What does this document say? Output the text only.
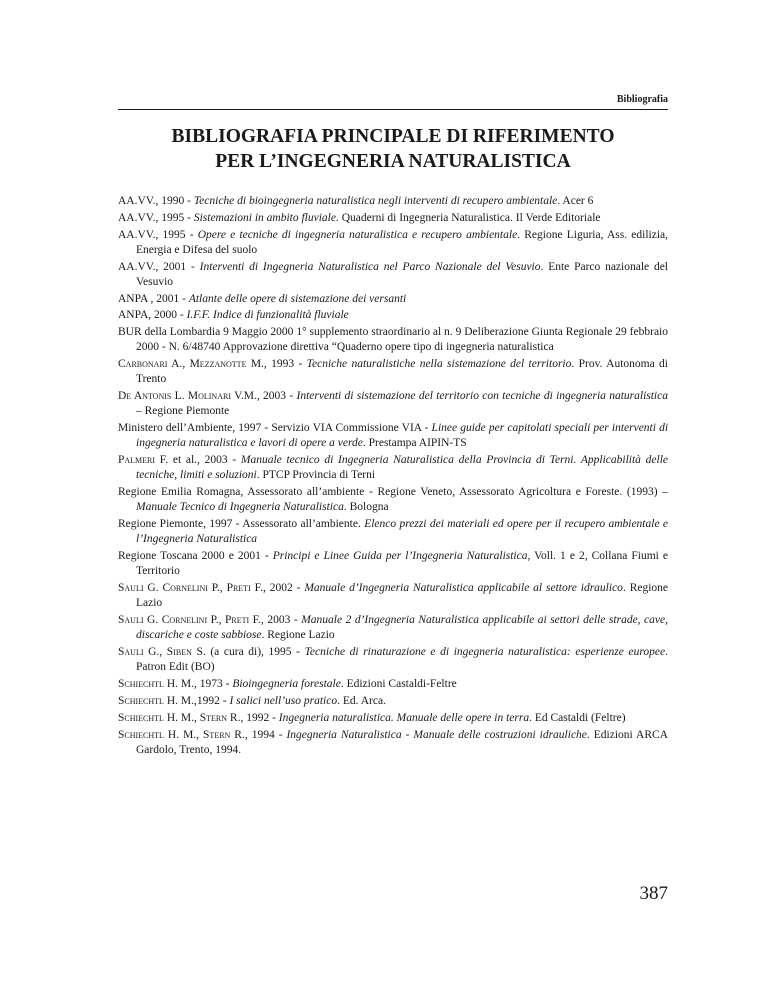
Bibliografia
BIBLIOGRAFIA PRINCIPALE DI RIFERIMENTO
PER L’INGEGNERIA NATURALISTICA

AA.VV., 1990 - Tecniche di bioingegneria naturalistica negli interventi di recupero ambientale. Acer 6

AA.VV., 1995 - Sistemazioni in ambito fluviale. Quaderni di Ingegneria Naturalistica. Il Verde Editoriale

AA.VV., 1995 - Opere e tecniche di ingegneria naturalistica e recupero ambientale. Regione Liguria, Ass. edilizia, Energia e Difesa del suolo

AA.VV., 2001 - Interventi di Ingegneria Naturalistica nel Parco Nazionale del Vesuvio. Ente Parco nazionale del Vesuvio

ANPA , 2001 - Atlante delle opere di sistemazione dei versanti

ANPA, 2000 - I.F.F. Indice di funzionalità fluviale

BUR della Lombardia 9 Maggio 2000 1° supplemento straordinario al n. 9 Deliberazione Giunta Regionale 29 febbraio 2000 - N. 6/48740 Approvazione direttiva “Quaderno opere tipo di ingegneria naturalistica

Carbonari A., Mezzanotte M., 1993 - Tecniche naturalistiche nella sistemazione del territorio. Prov. Autonoma di Trento

De Antonis L. Molinari V.M., 2003 - Interventi di sistemazione del territorio con tecniche di ingegneria naturalistica – Regione Piemonte

Ministero dell’Ambiente, 1997 - Servizio VIA Commissione VIA - Linee guide per capitolati speciali per interventi di ingegneria naturalistica e lavori di opere a verde. Prestampa AIPIN-TS

Palmeri F. et al., 2003 - Manuale tecnico di Ingegneria Naturalistica della Provincia di Terni. Applicabilità delle tecniche, limiti e soluzioni. PTCP Provincia di Terni

Regione Emilia Romagna, Assessorato all’ambiente - Regione Veneto, Assessorato Agricoltura e Foreste. (1993) – Manuale Tecnico di Ingegneria Naturalistica. Bologna

Regione Piemonte, 1997 - Assessorato all’ambiente. Elenco prezzi dei materiali ed opere per il recupero ambientale e l’Ingegneria Naturalistica

Regione Toscana 2000 e 2001 - Principi e Linee Guida per l’Ingegneria Naturalistica, Voll. 1 e 2, Collana Fiumi e Territorio

Sauli G. Cornelini P., Preti F., 2002 - Manuale d’Ingegneria Naturalistica applicabile al settore idraulico. Regione Lazio

Sauli G. Cornelini P., Preti F., 2003 - Manuale 2 d’Ingegneria Naturalistica applicabile ai settori delle strade, cave, discariche e coste sabbiose. Regione Lazio

Sauli G., Siben S. (a cura di), 1995 - Tecniche di rinaturazione e di ingegneria naturalistica: esperienze europee. Patron Edit (BO)

Schiechtl H. M., 1973 - Bioingegneria forestale. Edizioni Castaldi-Feltre

Schiechtl H. M.,1992 - I salici nell’uso pratico. Ed. Arca.

Schiechtl H. M., Stern R., 1992 - Ingegneria naturalistica. Manuale delle opere in terra. Ed Castaldi (Feltre)

Schiechtl H. M., Stern R., 1994 - Ingegneria Naturalistica - Manuale delle costruzioni idrauliche. Edizioni ARCA Gardolo, Trento, 1994.

387
